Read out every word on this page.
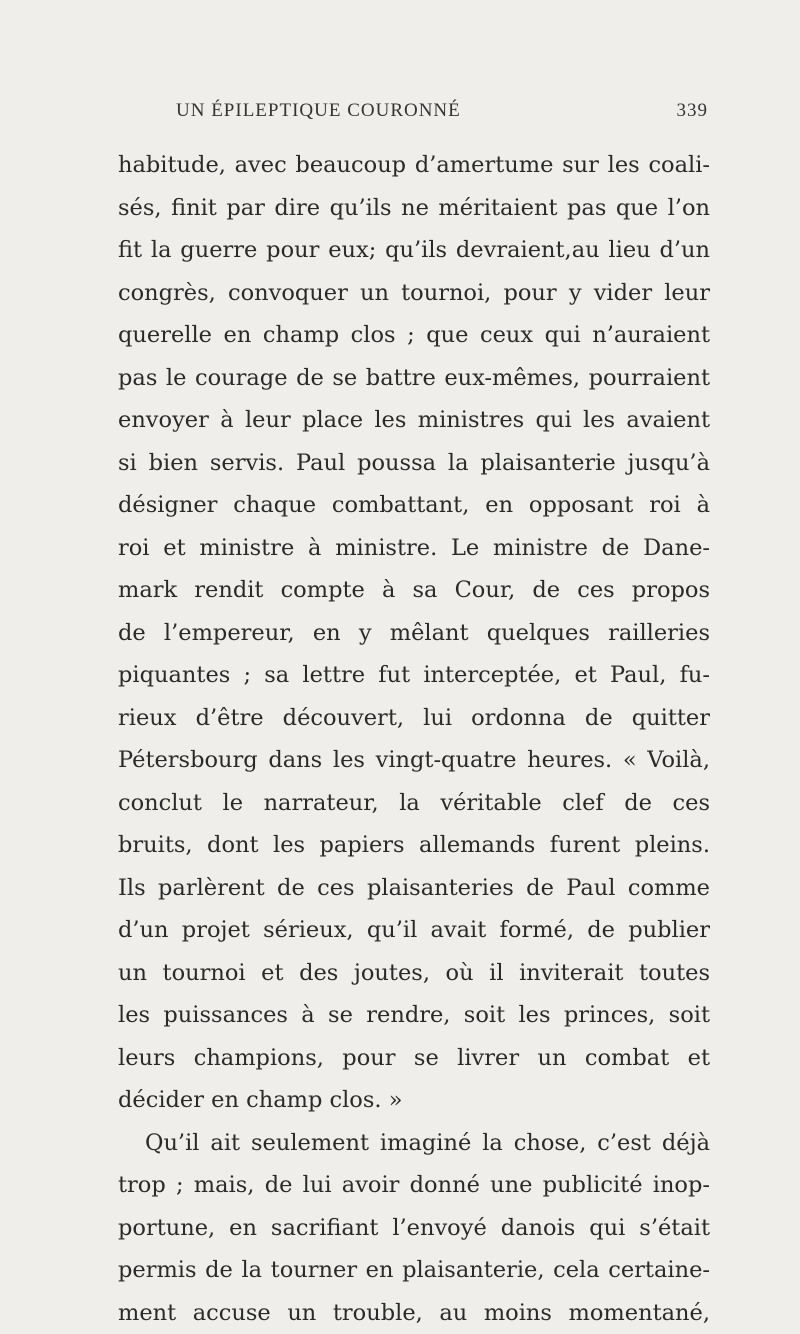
UN ÉPILEPTIQUE COURONNÉ	339
habitude, avec beaucoup d’amertume sur les coali-
sés, finit par dire qu’ils ne méritaient pas que l’on
fit la guerre pour eux; qu’ils devraient,au lieu d’un
congrès, convoquer un tournoi, pour y vider leur
querelle en champ clos ; que ceux qui n’auraient
pas le courage de se battre eux-mêmes, pourraient
envoyer à leur place les ministres qui les avaient
si bien servis. Paul poussa la plaisanterie jusqu’à
désigner chaque combattant, en opposant roi à
roi et ministre à ministre. Le ministre de Dane-
mark rendit compte à sa Cour, de ces propos
de l’empereur, en y mêlant quelques railleries
piquantes ; sa lettre fut interceptée, et Paul, fu-
rieux d’être découvert, lui ordonna de quitter
Pétersbourg dans les vingt-quatre heures. « Voilà,
conclut le narrateur, la véritable clef de ces
bruits, dont les papiers allemands furent pleins.
Ils parlèrent de ces plaisanteries de Paul comme
d’un projet sérieux, qu’il avait formé, de publier
un tournoi et des joutes, où il inviterait toutes
les puissances à se rendre, soit les princes, soit
leurs champions, pour se livrer un combat et
décider en champ clos. »
Qu’il ait seulement imaginé la chose, c’est déjà
trop ; mais, de lui avoir donné une publicité inop-
portune, en sacrifiant l’envoyé danois qui s’était
permis de la tourner en plaisanterie, cela certaine-
ment accuse un trouble, au moins momentané,
